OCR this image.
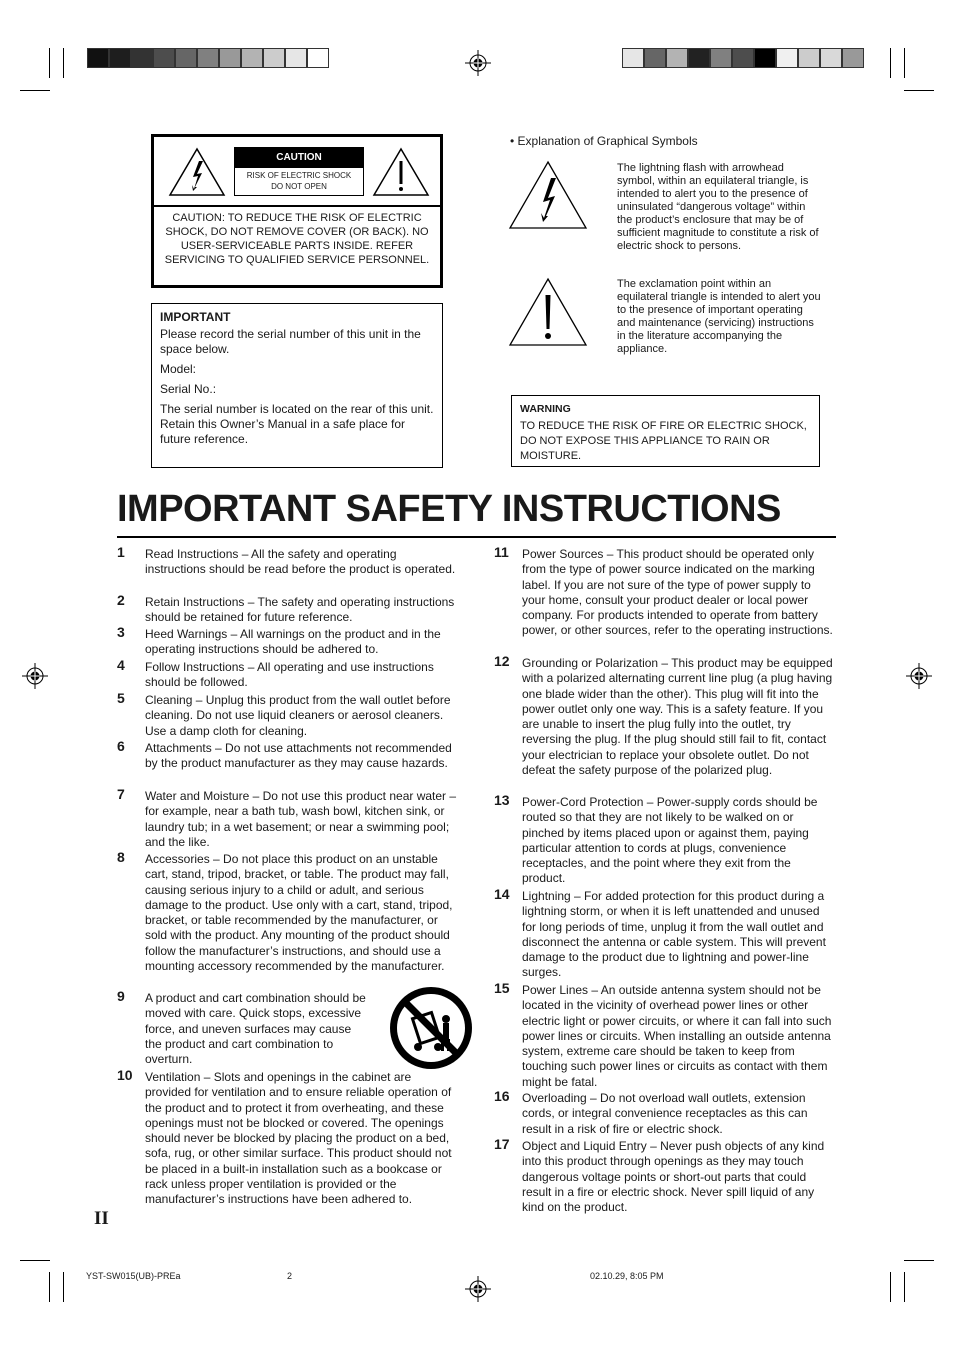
CAUTION
RISK OF ELECTRIC SHOCK
DO NOT OPEN
CAUTION: TO REDUCE THE RISK OF ELECTRIC SHOCK, DO NOT REMOVE COVER (OR BACK). NO USER-SERVICEABLE PARTS INSIDE. REFER SERVICING TO QUALIFIED SERVICE PERSONNEL.

IMPORTANT

Please record the serial number of this unit in the space below.

Model:

Serial No.:

The serial number is located on the rear of this unit.

Retain this Owner’s Manual in a safe place for future reference.

• Explanation of Graphical Symbols
The lightning flash with arrowhead symbol, within an equilateral triangle, is intended to alert you to the presence of uninsulated “dangerous voltage” within the product’s enclosure that may be of sufficient magnitude to constitute a risk of electric shock to persons.
The exclamation point within an equilateral triangle is intended to alert you to the presence of important operating and maintenance (servicing) instructions in the literature accompanying the appliance.
WARNING
TO REDUCE THE RISK OF FIRE OR ELECTRIC SHOCK, DO NOT EXPOSE THIS APPLIANCE TO RAIN OR MOISTURE.
IMPORTANT SAFETY INSTRUCTIONS
1 Read Instructions – All the safety and operating instructions should be read before the product is operated.
2 Retain Instructions – The safety and operating instructions should be retained for future reference.
3 Heed Warnings – All warnings on the product and in the operating instructions should be adhered to.
4 Follow Instructions – All operating and use instructions should be followed.
5 Cleaning – Unplug this product from the wall outlet before cleaning. Do not use liquid cleaners or aerosol cleaners. Use a damp cloth for cleaning.
6 Attachments – Do not use attachments not recommended by the product manufacturer as they may cause hazards.
7 Water and Moisture – Do not use this product near water – for example, near a bath tub, wash bowl, kitchen sink, or laundry tub; in a wet basement; or near a swimming pool; and the like.
8 Accessories – Do not place this product on an unstable cart, stand, tripod, bracket, or table. The product may fall, causing serious injury to a child or adult, and serious damage to the product. Use only with a cart, stand, tripod, bracket, or table recommended by the manufacturer, or sold with the product. Any mounting of the product should follow the manufacturer’s instructions, and should use a mounting accessory recommended by the manufacturer.
9 A product and cart combination should be moved with care. Quick stops, excessive force, and uneven surfaces may cause the product and cart combination to overturn.
10 Ventilation – Slots and openings in the cabinet are provided for ventilation and to ensure reliable operation of the product and to protect it from overheating, and these openings must not be blocked or covered. The openings should never be blocked by placing the product on a bed, sofa, rug, or other similar surface. This product should not be placed in a built-in installation such as a bookcase or rack unless proper ventilation is provided or the manufacturer’s instructions have been adhered to.
11 Power Sources – This product should be operated only from the type of power source indicated on the marking label. If you are not sure of the type of power supply to your home, consult your product dealer or local power company. For products intended to operate from battery power, or other sources, refer to the operating instructions.
12 Grounding or Polarization – This product may be equipped with a polarized alternating current line plug (a plug having one blade wider than the other). This plug will fit into the power outlet only one way. This is a safety feature. If you are unable to insert the plug fully into the outlet, try reversing the plug. If the plug should still fail to fit, contact your electrician to replace your obsolete outlet. Do not defeat the safety purpose of the polarized plug.
13 Power-Cord Protection – Power-supply cords should be routed so that they are not likely to be walked on or pinched by items placed upon or against them, paying particular attention to cords at plugs, convenience receptacles, and the point where they exit from the product.
14 Lightning – For added protection for this product during a lightning storm, or when it is left unattended and unused for long periods of time, unplug it from the wall outlet and disconnect the antenna or cable system. This will prevent damage to the product due to lightning and power-line surges.
15 Power Lines – An outside antenna system should not be located in the vicinity of overhead power lines or other electric light or power circuits, or where it can fall into such power lines or circuits. When installing an outside antenna system, extreme care should be taken to keep from touching such power lines or circuits as contact with them might be fatal.
16 Overloading – Do not overload wall outlets, extension cords, or integral convenience receptacles as this can result in a risk of fire or electric shock.
17 Object and Liquid Entry – Never push objects of any kind into this product through openings as they may touch dangerous voltage points or short-out parts that could result in a fire or electric shock. Never spill liquid of any kind on the product.
II
YST-SW015(UB)-PREa	2	02.10.29, 8:05 PM
